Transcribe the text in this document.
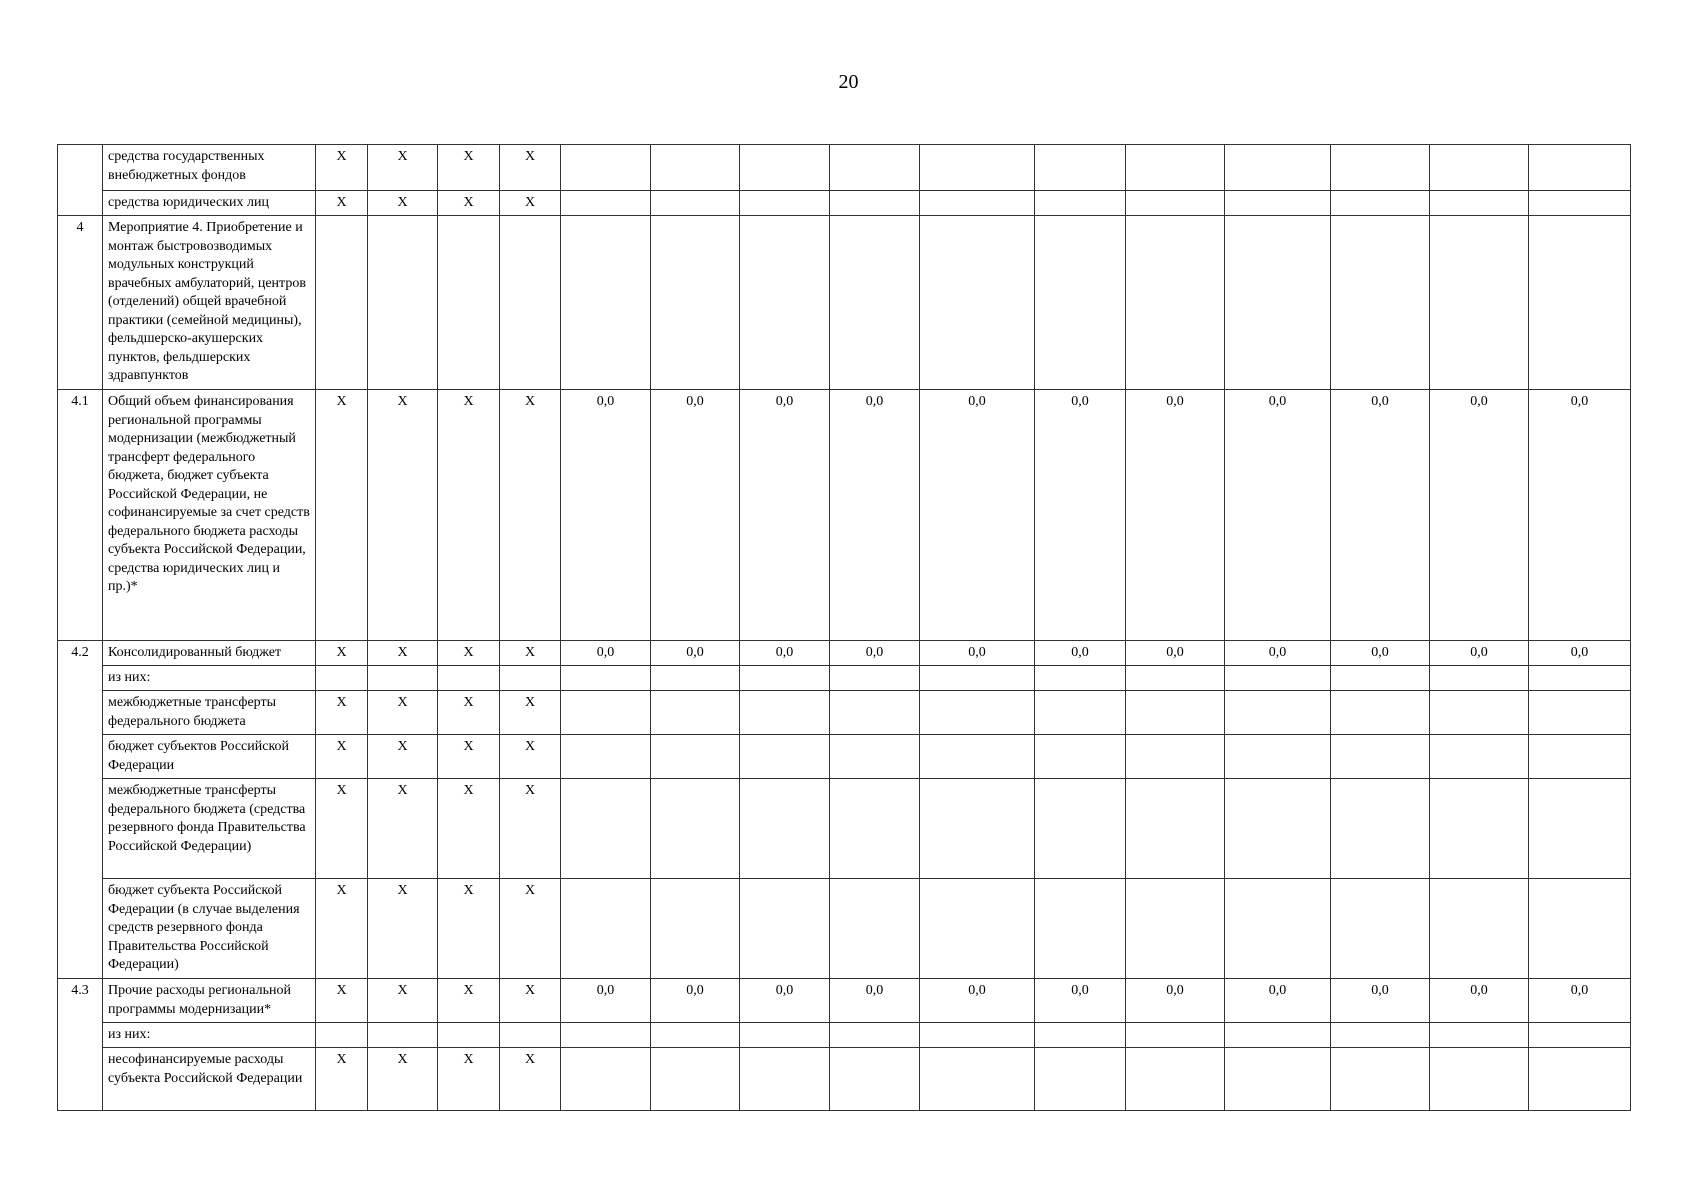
20
	средства государственных внебюджетных фондов	X	X	X	X											
	средства юридических лиц	X	X	X	X											
4	Мероприятие 4. Приобретение и монтаж быстровозводимых модульных конструкций врачебных амбулаторий, центров (отделений) общей врачебной практики (семейной медицины), фельдшерско-акушерских пунктов, фельдшерских здравпунктов															
4.1	Общий объем финансирования региональной программы модернизации (межбюджетный трансферт федерального бюджета, бюджет субъекта Российской Федерации, не софинансируемые за счет средств федерального бюджета расходы субъекта Российской Федерации, средства юридических лиц и пр.)*	X	X	X	X	0,0	0,0	0,0	0,0	0,0	0,0	0,0	0,0	0,0	0,0	0,0
4.2	Консолидированный бюджет	X	X	X	X	0,0	0,0	0,0	0,0	0,0	0,0	0,0	0,0	0,0	0,0	0,0
	из них:															
	межбюджетные трансферты федерального бюджета	X	X	X	X											
	бюджет субъектов Российской Федерации	X	X	X	X											
	межбюджетные трансферты федерального бюджета (средства резервного фонда Правительства Российской Федерации)	X	X	X	X											
	бюджет субъекта Российской Федерации (в случае выделения средств резервного фонда Правительства Российской Федерации)	X	X	X	X											
4.3	Прочие расходы региональной программы модернизации*	X	X	X	X	0,0	0,0	0,0	0,0	0,0	0,0	0,0	0,0	0,0	0,0	0,0
	из них:															
	несофинансируемые расходы субъекта Российской Федерации	X	X	X	X											
